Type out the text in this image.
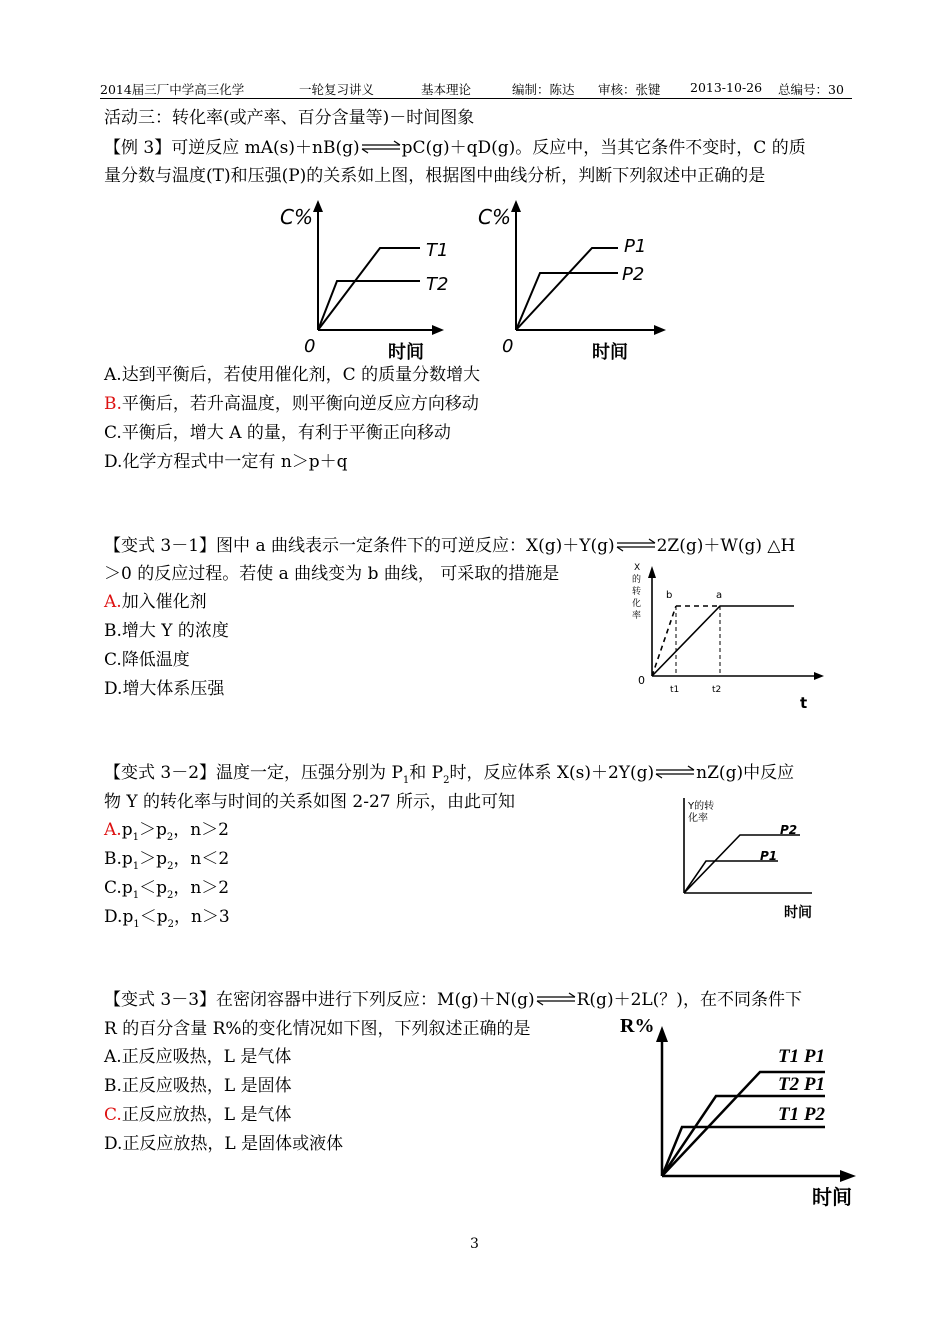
2014届三厂中学高三化学	一轮复习讲义	基本理论	编制：陈达 审核：张键 2013-10-26 总编号：30
活动三：转化率(或产率、百分含量等)－时间图象
【例 3】可逆反应 mA(s)＋nB(g)⇌pC(g)＋qD(g)。反应中，当其它条件不变时，C 的质
量分数与温度(T)和压强(P)的关系如上图，根据图中曲线分析，判断下列叙述中正确的是
C%
0	时间
T1
T2
C%
0	时间
P1
P2
A.达到平衡后，若使用催化剂，C 的质量分数增大
B.平衡后，若升高温度，则平衡向逆反应方向移动
C.平衡后，增大 A 的量，有利于平衡正向移动
D.化学方程式中一定有 n＞p＋q
【变式 3－1】图中 a 曲线表示一定条件下的可逆反应：X(g)＋Y(g)⇌2Z(g)＋W(g) △H
＞0 的反应过程。若使 a 曲线变为 b 曲线， 可采取的措施是	X
的
转
化
率
0
t1	t2
t
b	a
A.加入催化剂
B.增大 Y 的浓度
C.降低温度
D.增大体系压强
【变式 3－2】温度一定，压强分别为 $P_1$和 $P_2$时，反应体系 X(s)＋2Y(g)⇌nZ(g)中反应
物 Y 的转化率与时间的关系如图 2-27 所示，由此可知	Y的转
化率
P2
P1
时间
$A.p_1>p_2$，n＞2
$B.p_1>p_2$，n＜2
$C.p_1<p_2$，n＞2
$D.p_1<p_2$，n＞3
【变式 3－3】在密闭容器中进行下列反应：M(g)＋N(g)⇌R(g)＋2L(？)，在不同条件下
R 的百分含量 R%的变化情况如下图，下列叙述正确的是	R%
T1 P1
T2 P1
T1 P2
时间
A.正反应吸热，L 是气体
B.正反应吸热，L 是固体
C.正反应放热，L 是气体
D.正反应放热，L 是固体或液体
3
